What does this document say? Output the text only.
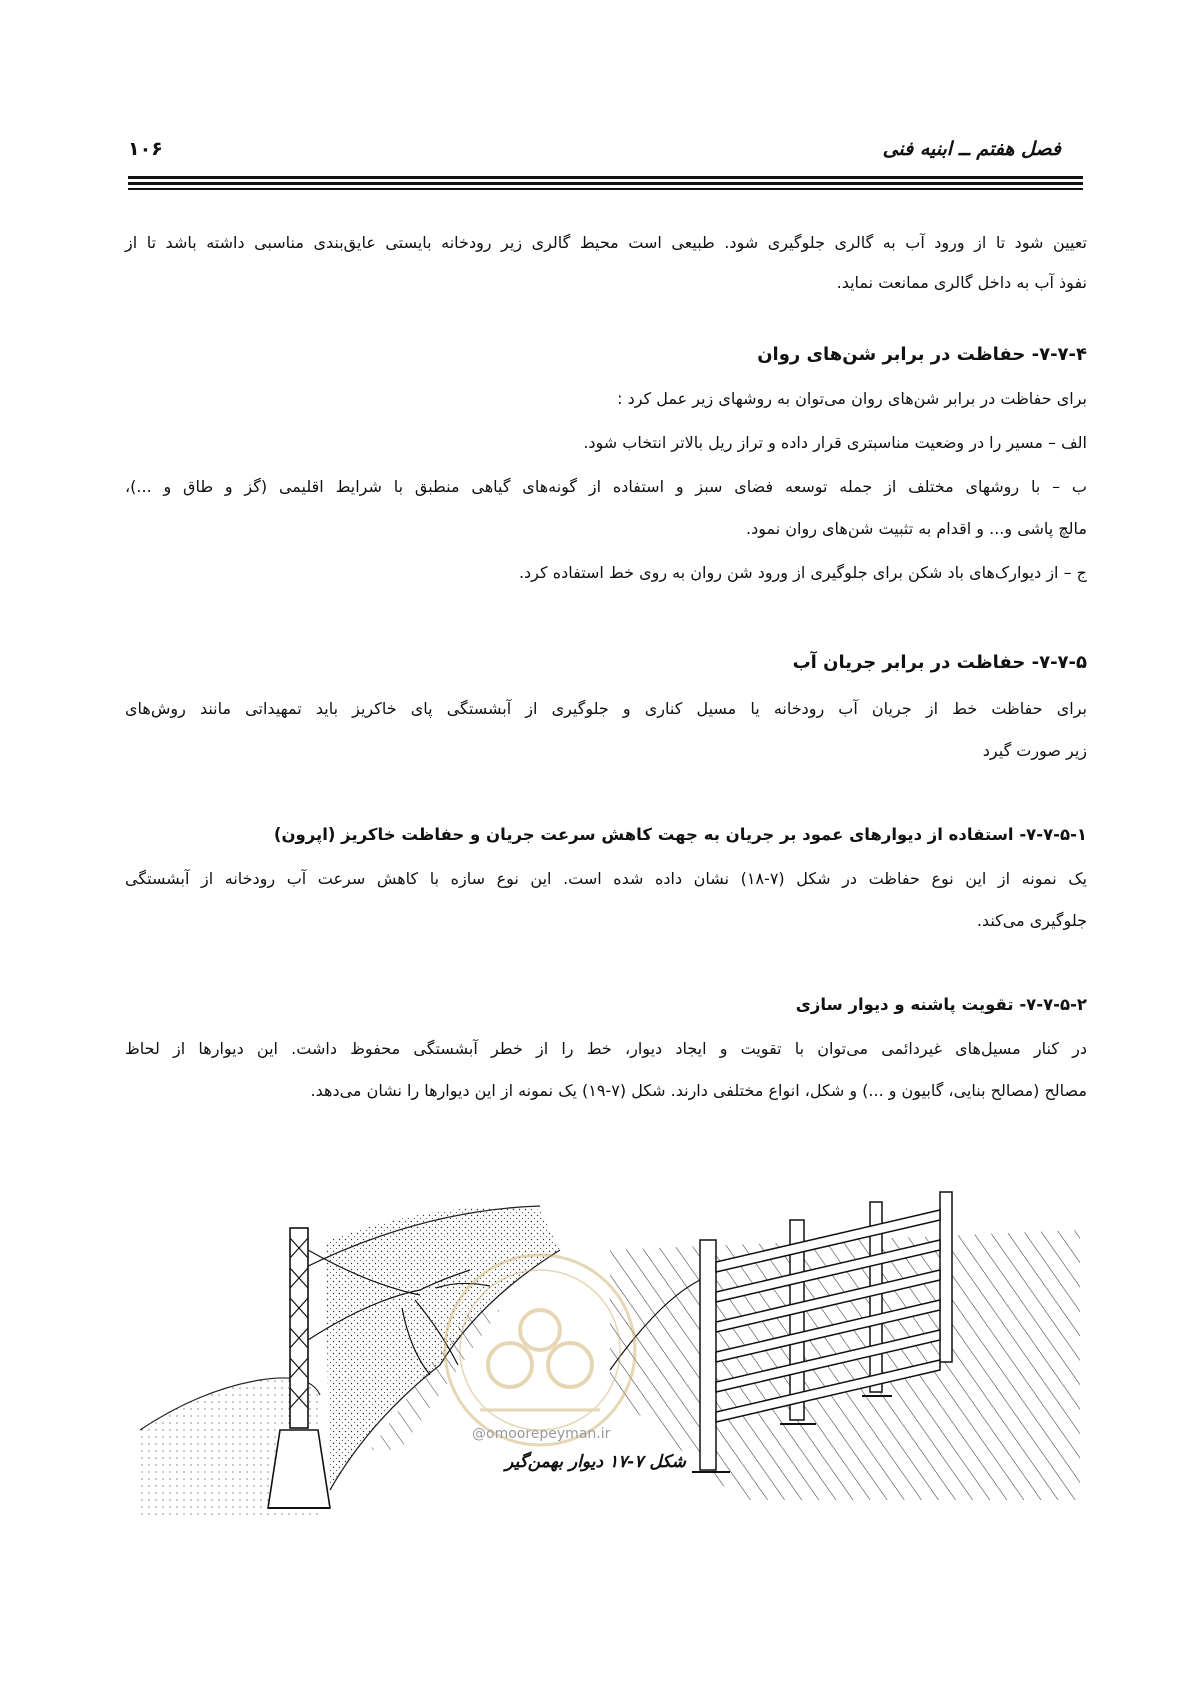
فصل هفتم ــ ابنیه فنی
۱۰۶
تعیین شود تا از ورود آب به گالری جلوگیری شود. طبیعی است محیط گالری زیر رودخانه بایستی عایق‌بندی مناسبی داشته باشد تا از
نفوذ آب به داخل گالری ممانعت نماید.
۷-۷-۴- حفاظت در برابر شن‌های روان
برای حفاظت در برابر شن‌های روان می‌توان به روشهای زیر عمل کرد :
الف – مسیر را در وضعیت مناسبتری قرار داده و تراز ریل بالاتر انتخاب شود.
ب – با روشهای مختلف از جمله توسعه فضای سبز و استفاده از گونه‌های گیاهی منطبق با شرایط اقلیمی (گز و طاق و ...)،
مالچ پاشی و... و اقدام به تثبیت شن‌های روان نمود.
ج – از دیوارک‌های باد شکن برای جلوگیری از ورود شن روان به روی خط استفاده کرد.
۷-۷-۵- حفاظت در برابر جریان آب
برای حفاظت خط از جریان آب رودخانه یا مسیل کناری و جلوگیری از آبشستگی پای خاکریز باید تمهیداتی مانند روش‌های
زیر صورت گیرد
۷-۷-۵-۱- استفاده از دیوارهای عمود بر جریان به جهت کاهش سرعت جریان و حفاظت خاکریز (اپرون)
یک نمونه از این نوع حفاظت در شکل (۷-۱۸) نشان داده شده است. این نوع سازه با کاهش سرعت آب رودخانه از آبشستگی
جلوگیری می‌کند.
۷-۷-۵-۲- تقویت پاشنه و دیوار سازی
در کنار مسیل‌های غیردائمی می‌توان با تقویت و ایجاد دیوار، خط را از خطر آبشستگی محفوظ داشت. این دیوارها از لحاظ
مصالح (مصالح بنایی، گابیون و ...) و شکل، انواع مختلفی دارند. شکل (۷-۱۹) یک نمونه از این دیوارها را نشان می‌دهد.
@omoorepeyman.ir
شکل ۷-۱۷ دیوار بهمن‌گیر
